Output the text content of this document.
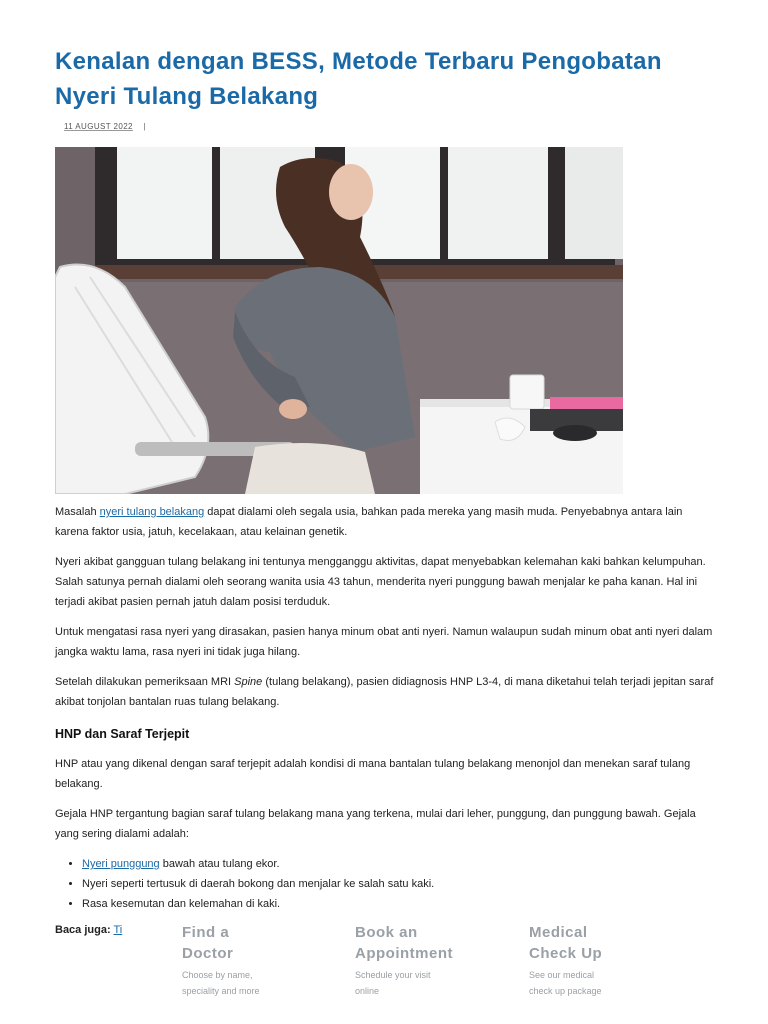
Kenalan dengan BESS, Metode Terbaru Pengobatan Nyeri Tulang Belakang
11 AUGUST 2022 |

Masalah nyeri tulang belakang dapat dialami oleh segala usia, bahkan pada mereka yang masih muda. Penyebabnya antara lain karena faktor usia, jatuh, kecelakaan, atau kelainan genetik.

Nyeri akibat gangguan tulang belakang ini tentunya mengganggu aktivitas, dapat menyebabkan kelemahan kaki bahkan kelumpuhan. Salah satunya pernah dialami oleh seorang wanita usia 43 tahun, menderita nyeri punggung bawah menjalar ke paha kanan. Hal ini terjadi akibat pasien pernah jatuh dalam posisi terduduk.

Untuk mengatasi rasa nyeri yang dirasakan, pasien hanya minum obat anti nyeri. Namun walaupun sudah minum obat anti nyeri dalam jangka waktu lama, rasa nyeri ini tidak juga hilang.

Setelah dilakukan pemeriksaan MRI Spine (tulang belakang), pasien didiagnosis HNP L3-4, di mana diketahui telah terjadi jepitan saraf akibat tonjolan bantalan ruas tulang belakang.

HNP dan Saraf Terjepit

HNP atau yang dikenal dengan saraf terjepit adalah kondisi di mana bantalan tulang belakang menonjol dan menekan saraf tulang belakang.

Gejala HNP tergantung bagian saraf tulang belakang mana yang terkena, mulai dari leher, punggung, dan punggung bawah. Gejala yang sering dialami adalah:

• Nyeri punggung bawah atau tulang ekor.
• Nyeri seperti tertusuk di daerah bokong dan menjalar ke salah satu kaki.
• Rasa kesemutan dan kelemahan di kaki.
Baca juga: Ti	Find a
Doctor
Choose by name,
speciality and more
Book an
Appointment
Schedule your visit
online
Medical
Check Up
See our medical
check up package
